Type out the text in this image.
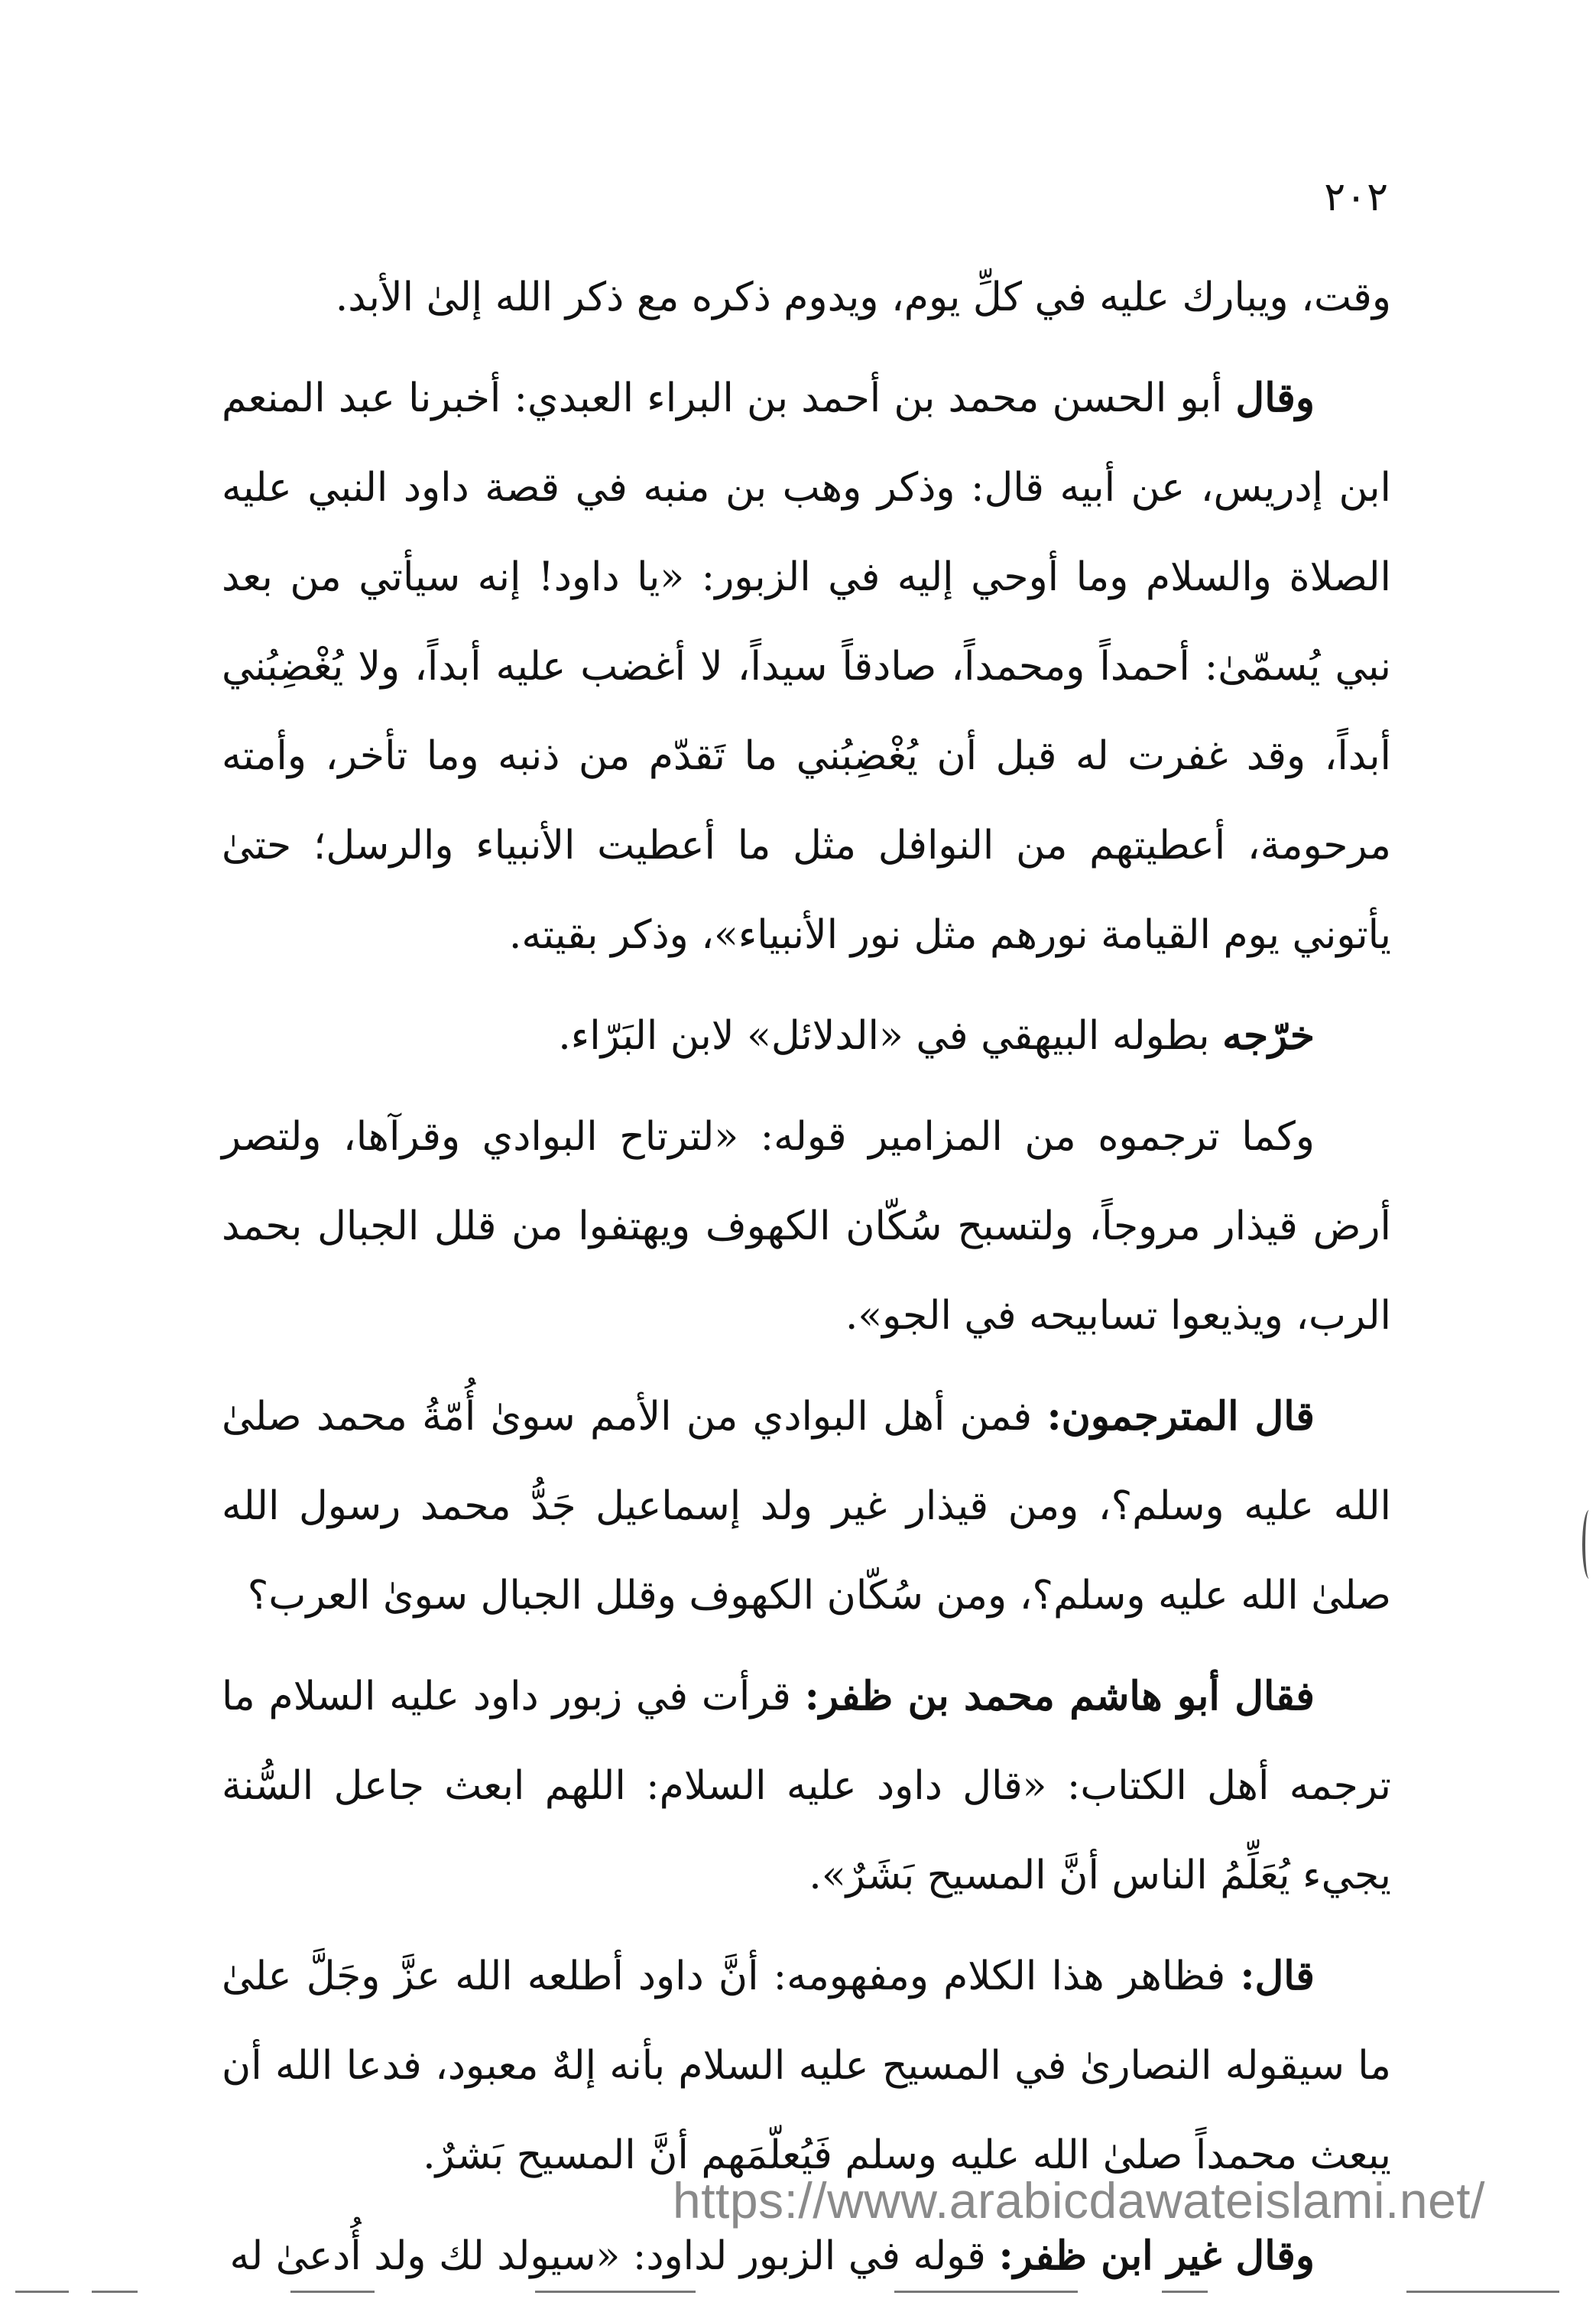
٢٠٢

وقت، ويبارك عليه في كلِّ يوم، ويدوم ذكره مع ذكر الله إلىٰ الأبد.

وقال أبو الحسن محمد بن أحمد بن البراء العبدي: أخبرنا عبد المنعم ابن إدريس، عن أبيه قال: وذكر وهب بن منبه في قصة داود النبي عليه الصلاة والسلام وما أوحي إليه في الزبور: «يا داود! إنه سيأتي من بعد نبي يُسمّىٰ: أحمداً ومحمداً، صادقاً سيداً، لا أغضب عليه أبداً، ولا يُغْضِبُني أبداً، وقد غفرت له قبل أن يُغْضِبُني ما تَقدّم من ذنبه وما تأخر، وأمته مرحومة، أعطيتهم من النوافل مثل ما أعطيت الأنبياء والرسل؛ حتىٰ يأتوني يوم القيامة نورهم مثل نور الأنبياء»، وذكر بقيته.

خرّجه بطوله البيهقي في «الدلائل» لابن البَرّاء.

وكما ترجموه من المزامير قوله: «لترتاح البوادي وقرآها، ولتصر أرض قيذار مروجاً، ولتسبح سُكّان الكهوف ويهتفوا من قلل الجبال بحمد الرب، ويذيعوا تسابيحه في الجو».

قال المترجمون: فمن أهل البوادي من الأمم سوىٰ أُمّةُ محمد صلىٰ الله عليه وسلم؟، ومن قيذار غير ولد إسماعيل جَدُّ محمد رسول الله صلىٰ الله عليه وسلم؟، ومن سُكّان الكهوف وقلل الجبال سوىٰ العرب؟

فقال أبو هاشم محمد بن ظفر: قرأت في زبور داود عليه السلام ما ترجمه أهل الكتاب: «قال داود عليه السلام: اللهم ابعث جاعل السُّنة يجيء يُعَلِّمُ الناس أنَّ المسيح بَشَرٌ».

قال: فظاهر هذا الكلام ومفهومه: أنَّ داود أطلعه الله عزَّ وجَلَّ علىٰ ما سيقوله النصارىٰ في المسيح عليه السلام بأنه إلهٌ معبود، فدعا الله أن يبعث محمداً صلىٰ الله عليه وسلم فَيُعلّمَهم أنَّ المسيح بَشرٌ.

وقال غير ابن ظفر: قوله في الزبور لداود: «سيولد لك ولد أُدعىٰ له

https://www.arabicdawateislami.net/
